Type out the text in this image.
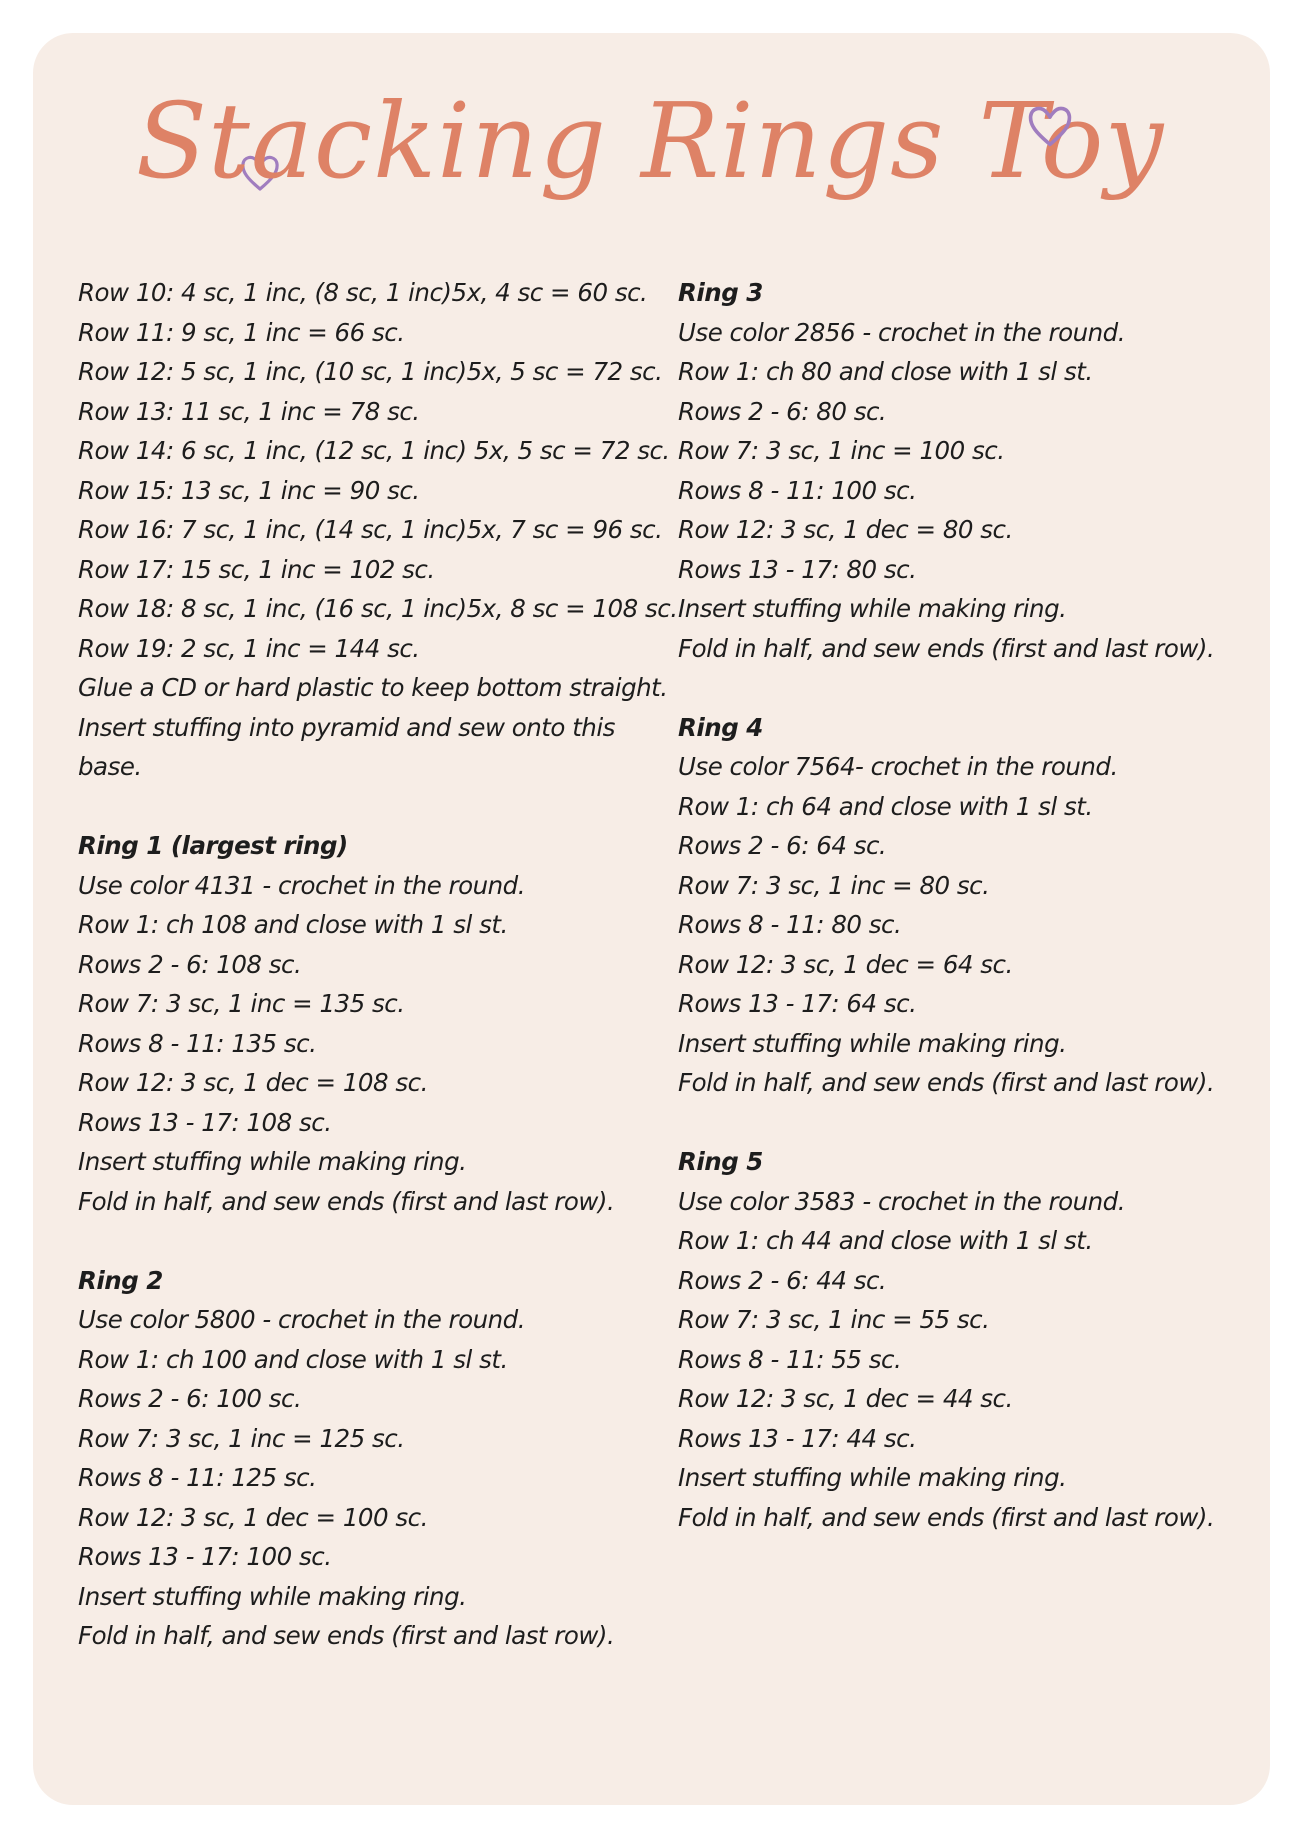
Stacking Rings Toy
Row 10: 4 sc, 1 inc, (8 sc, 1 inc)5x, 4 sc = 60 sc.
Row 11: 9 sc, 1 inc = 66 sc.
Row 12: 5 sc, 1 inc, (10 sc, 1 inc)5x, 5 sc = 72 sc.
Row 13: 11 sc, 1 inc = 78 sc.
Row 14: 6 sc, 1 inc, (12 sc, 1 inc) 5x, 5 sc = 72 sc.
Row 15: 13 sc, 1 inc = 90 sc.
Row 16: 7 sc, 1 inc, (14 sc, 1 inc)5x, 7 sc = 96 sc.
Row 17: 15 sc, 1 inc = 102 sc.
Row 18: 8 sc, 1 inc, (16 sc, 1 inc)5x, 8 sc = 108 sc.
Row 19: 2 sc, 1 inc = 144 sc.
Glue a CD or hard plastic to keep bottom straight.
Insert stuffing into pyramid and sew onto this
base.
Ring 1 (largest ring)
Use color 4131 - crochet in the round.
Row 1: ch 108 and close with 1 sl st.
Rows 2 - 6: 108 sc.
Row 7: 3 sc, 1 inc = 135 sc.
Rows 8 - 11: 135 sc.
Row 12: 3 sc, 1 dec = 108 sc.
Rows 13 - 17: 108 sc.
Insert stuffing while making ring.
Fold in half, and sew ends (first and last row).
Ring 2
Use color 5800 - crochet in the round.
Row 1: ch 100 and close with 1 sl st.
Rows 2 - 6: 100 sc.
Row 7: 3 sc, 1 inc = 125 sc.
Rows 8 - 11: 125 sc.
Row 12: 3 sc, 1 dec = 100 sc.
Rows 13 - 17: 100 sc.
Insert stuffing while making ring.
Fold in half, and sew ends (first and last row).
Ring 3
Use color 2856 - crochet in the round.
Row 1: ch 80 and close with 1 sl st.
Rows 2 - 6: 80 sc.
Row 7: 3 sc, 1 inc = 100 sc.
Rows 8 - 11: 100 sc.
Row 12: 3 sc, 1 dec = 80 sc.
Rows 13 - 17: 80 sc.
Insert stuffing while making ring.
Fold in half, and sew ends (first and last row).
Ring 4
Use color 7564- crochet in the round.
Row 1: ch 64 and close with 1 sl st.
Rows 2 - 6: 64 sc.
Row 7: 3 sc, 1 inc = 80 sc.
Rows 8 - 11: 80 sc.
Row 12: 3 sc, 1 dec = 64 sc.
Rows 13 - 17: 64 sc.
Insert stuffing while making ring.
Fold in half, and sew ends (first and last row).
Ring 5
Use color 3583 - crochet in the round.
Row 1: ch 44 and close with 1 sl st.
Rows 2 - 6: 44 sc.
Row 7: 3 sc, 1 inc = 55 sc.
Rows 8 - 11: 55 sc.
Row 12: 3 sc, 1 dec = 44 sc.
Rows 13 - 17: 44 sc.
Insert stuffing while making ring.
Fold in half, and sew ends (first and last row).
